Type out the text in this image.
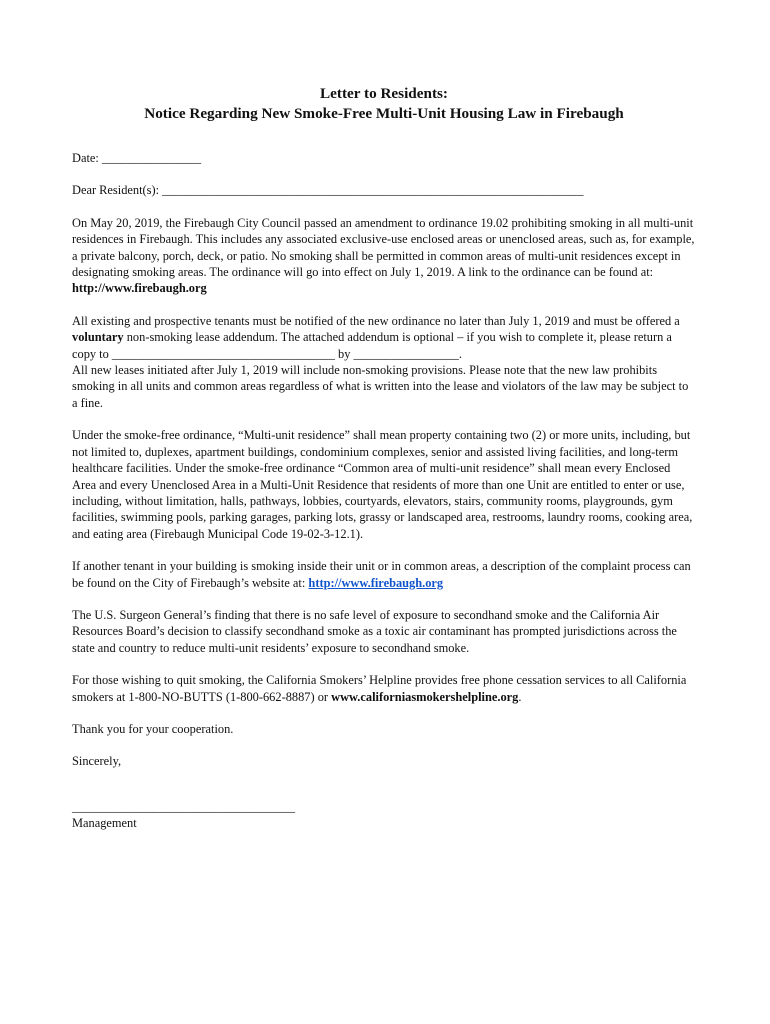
Letter to Residents:
Notice Regarding New Smoke-Free Multi-Unit Housing Law in Firebaugh

Date: ________________

Dear Resident(s): ____________________________________________________________________

On May 20, 2019, the Firebaugh City Council passed an amendment to ordinance 19.02 prohibiting smoking in all multi-unit residences in Firebaugh. This includes any associated exclusive-use enclosed areas or unenclosed areas, such as, for example, a private balcony, porch, deck, or patio. No smoking shall be permitted in common areas of multi-unit residences except in designating smoking areas. The ordinance will go into effect on July 1, 2019. A link to the ordinance can be found at:
http://www.firebaugh.org

All existing and prospective tenants must be notified of the new ordinance no later than July 1, 2019 and must be offered a voluntary non-smoking lease addendum. The attached addendum is optional – if you wish to complete it, please return a copy to ____________________________________ by _________________.
All new leases initiated after July 1, 2019 will include non-smoking provisions. Please note that the new law prohibits smoking in all units and common areas regardless of what is written into the lease and violators of the law may be subject to a fine.

Under the smoke-free ordinance, “Multi-unit residence” shall mean property containing two (2) or more units, including, but not limited to, duplexes, apartment buildings, condominium complexes, senior and assisted living facilities, and long-term healthcare facilities. Under the smoke-free ordinance “Common area of multi-unit residence” shall mean every Enclosed Area and every Unenclosed Area in a Multi-Unit Residence that residents of more than one Unit are entitled to enter or use, including, without limitation, halls, pathways, lobbies, courtyards, elevators, stairs, community rooms, playgrounds, gym facilities, swimming pools, parking garages, parking lots, grassy or landscaped area, restrooms, laundry rooms, cooking area, and eating area (Firebaugh Municipal Code 19-02-3-12.1).

If another tenant in your building is smoking inside their unit or in common areas, a description of the complaint process can be found on the City of Firebaugh’s website at: http://www.firebaugh.org

The U.S. Surgeon General’s finding that there is no safe level of exposure to secondhand smoke and the California Air Resources Board’s decision to classify secondhand smoke as a toxic air contaminant has prompted jurisdictions across the state and country to reduce multi-unit residents’ exposure to secondhand smoke.

For those wishing to quit smoking, the California Smokers’ Helpline provides free phone cessation services to all California smokers at 1-800-NO-BUTTS (1-800-662-8887) or www.californiasmokershelpline.org.

Thank you for your cooperation.

Sincerely,

____________________________________

Management
